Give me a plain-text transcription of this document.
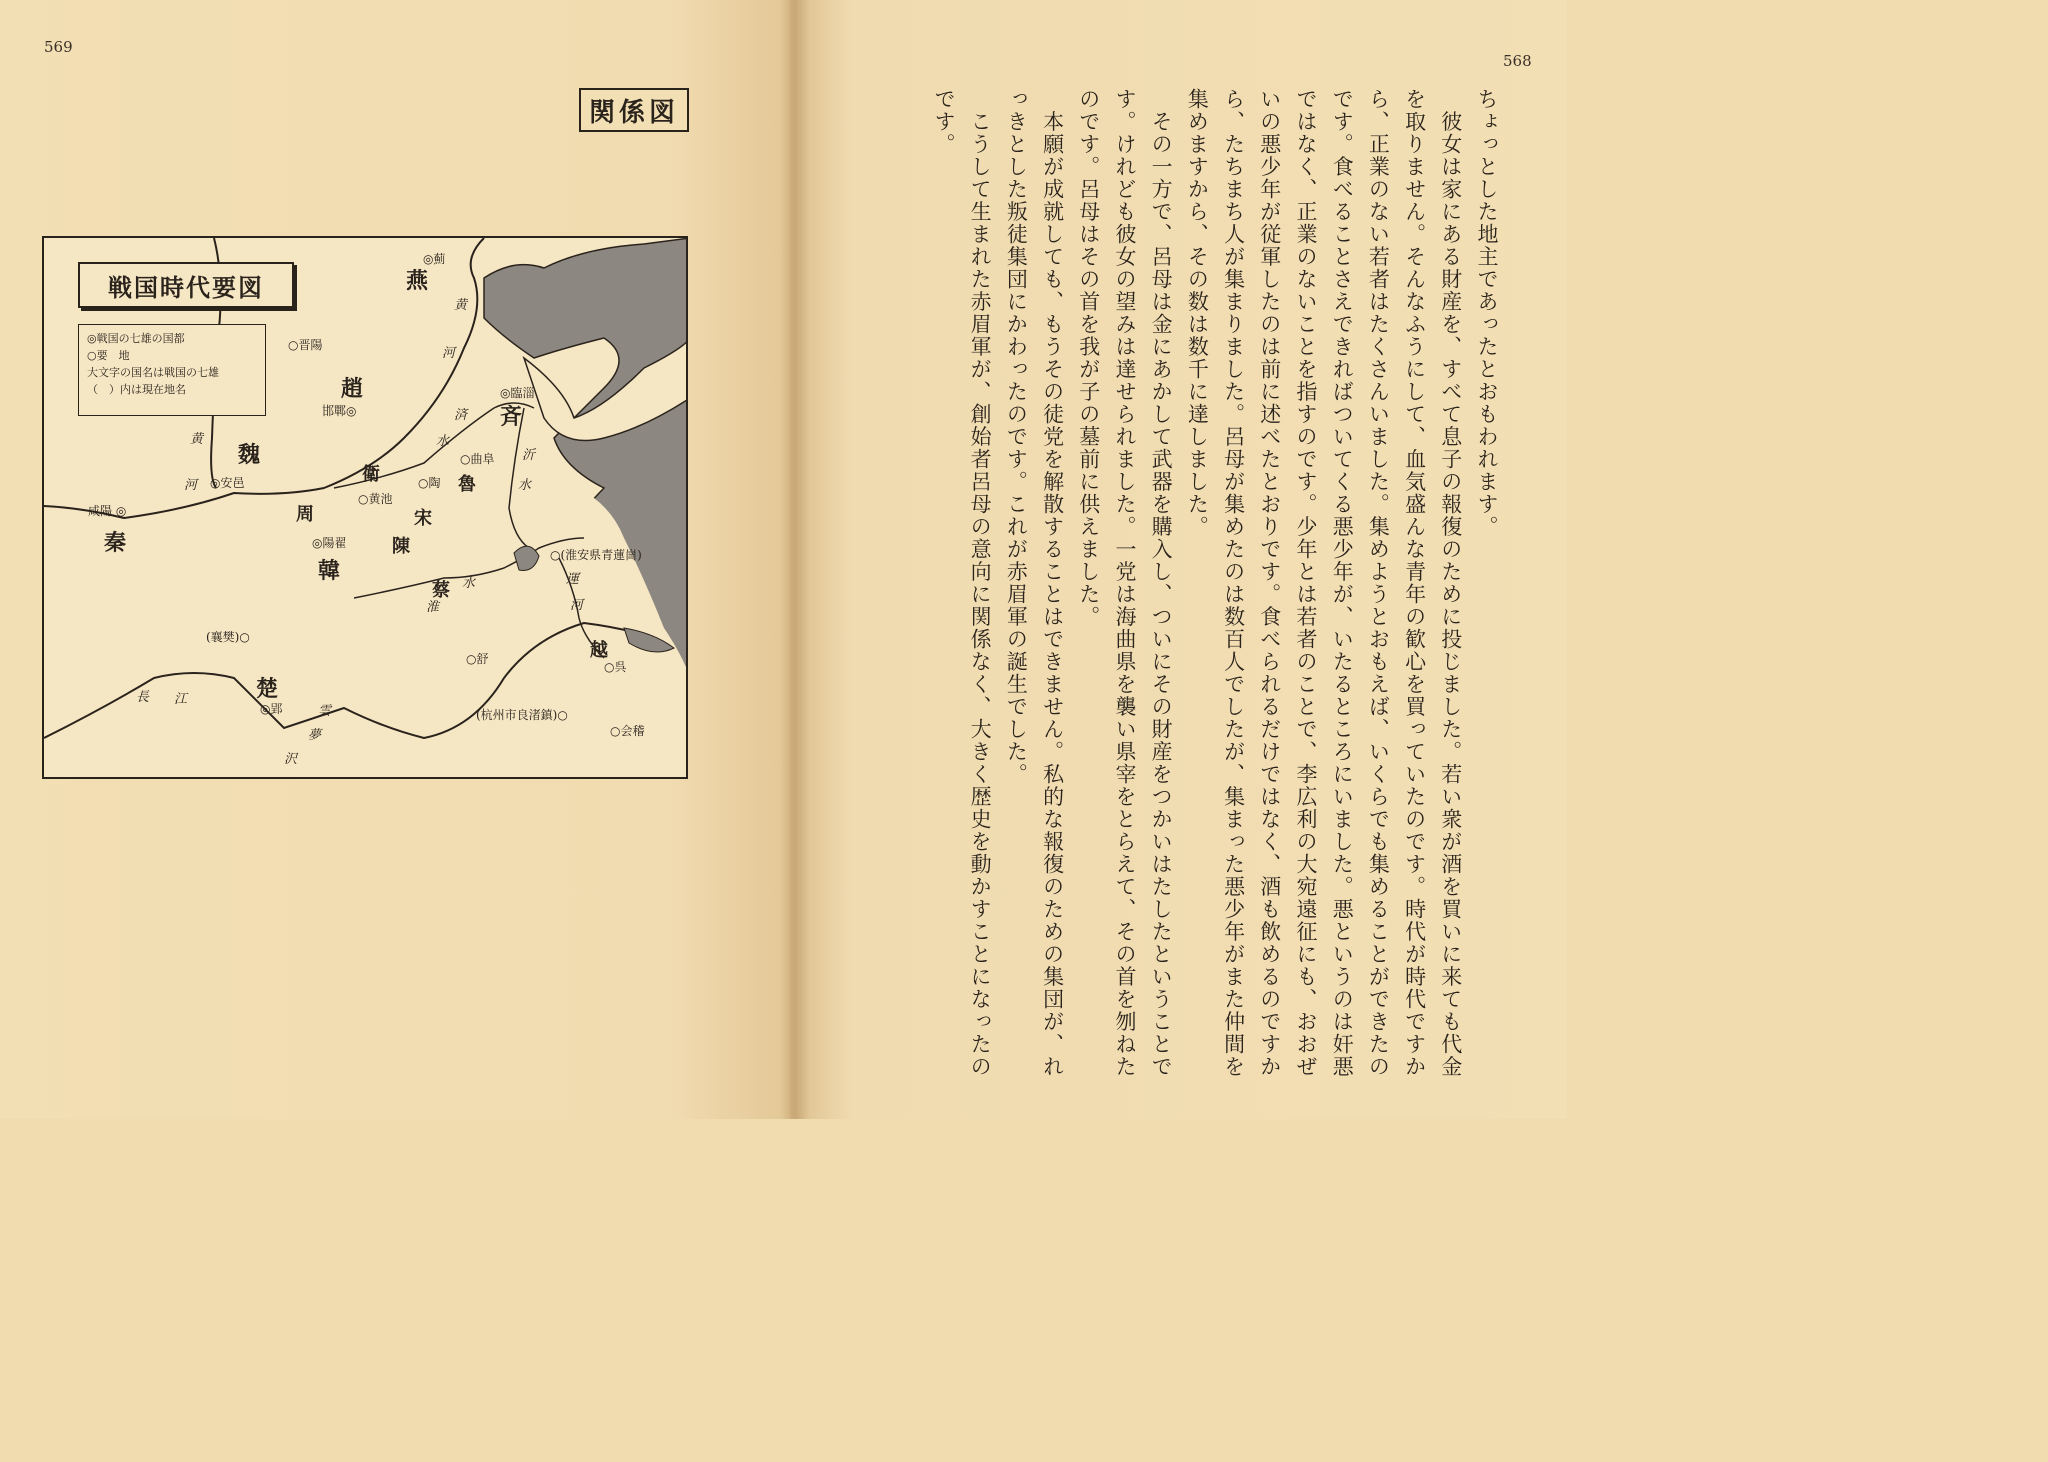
569
568
関係図
戦国時代要図
◎戦国の七雄の国都
○要　地
大文字の国名は戦国の七雄
（　）内は現在地名
燕
趙
斉
魏
衛	魯
周	宋
陳
秦
韓
蔡
越
楚
◎薊
○晋陽
◎臨淄
邯鄲◎
○曲阜
○陶
◎安邑
○黄池
咸陽 ◎
◎陽翟
○(淮安県青蓮崗)
(襄樊)○
○舒
○呉
◎郢	(杭州市良渚鎮)○
○会稽
黄
河
黄
河
済
水
沂
水
運
河
水
淮
長 江
雲
夢
沢

ちょっとした地主であったとおもわれます。

　彼女は家にある財産を、すべて息子の報復のために投じました。若い衆が酒を買いに来ても代金を取りません。そんなふうにして、血気盛んな青年の歓心を買っていたのです。時代が時代ですから、正業のない若者はたくさんいました。集めようとおもえば、いくらでも集めることができたのです。食べることさえできればついてくる悪少年が、いたるところにいました。悪というのは奸悪ではなく、正業のないことを指すのです。少年とは若者のことで、李広利の大宛遠征にも、おおぜいの悪少年が従軍したのは前に述べたとおりです。食べられるだけではなく、酒も飲めるのですから、たちまち人が集まりました。呂母が集めたのは数百人でしたが、集まった悪少年がまた仲間を集めますから、その数は数千に達しました。

　その一方で、呂母は金にあかして武器を購入し、ついにその財産をつかいはたしたということです。けれども彼女の望みは達せられました。一党は海曲県を襲い県宰をとらえて、その首を刎ねたのです。呂母はその首を我が子の墓前に供えました。

　本願が成就しても、もうその徒党を解散することはできません。私的な報復のための集団が、れっきとした叛徒集団にかわったのです。これが赤眉軍の誕生でした。

　こうして生まれた赤眉軍が、創始者呂母の意向に関係なく、大きく歴史を動かすことになったのです。
